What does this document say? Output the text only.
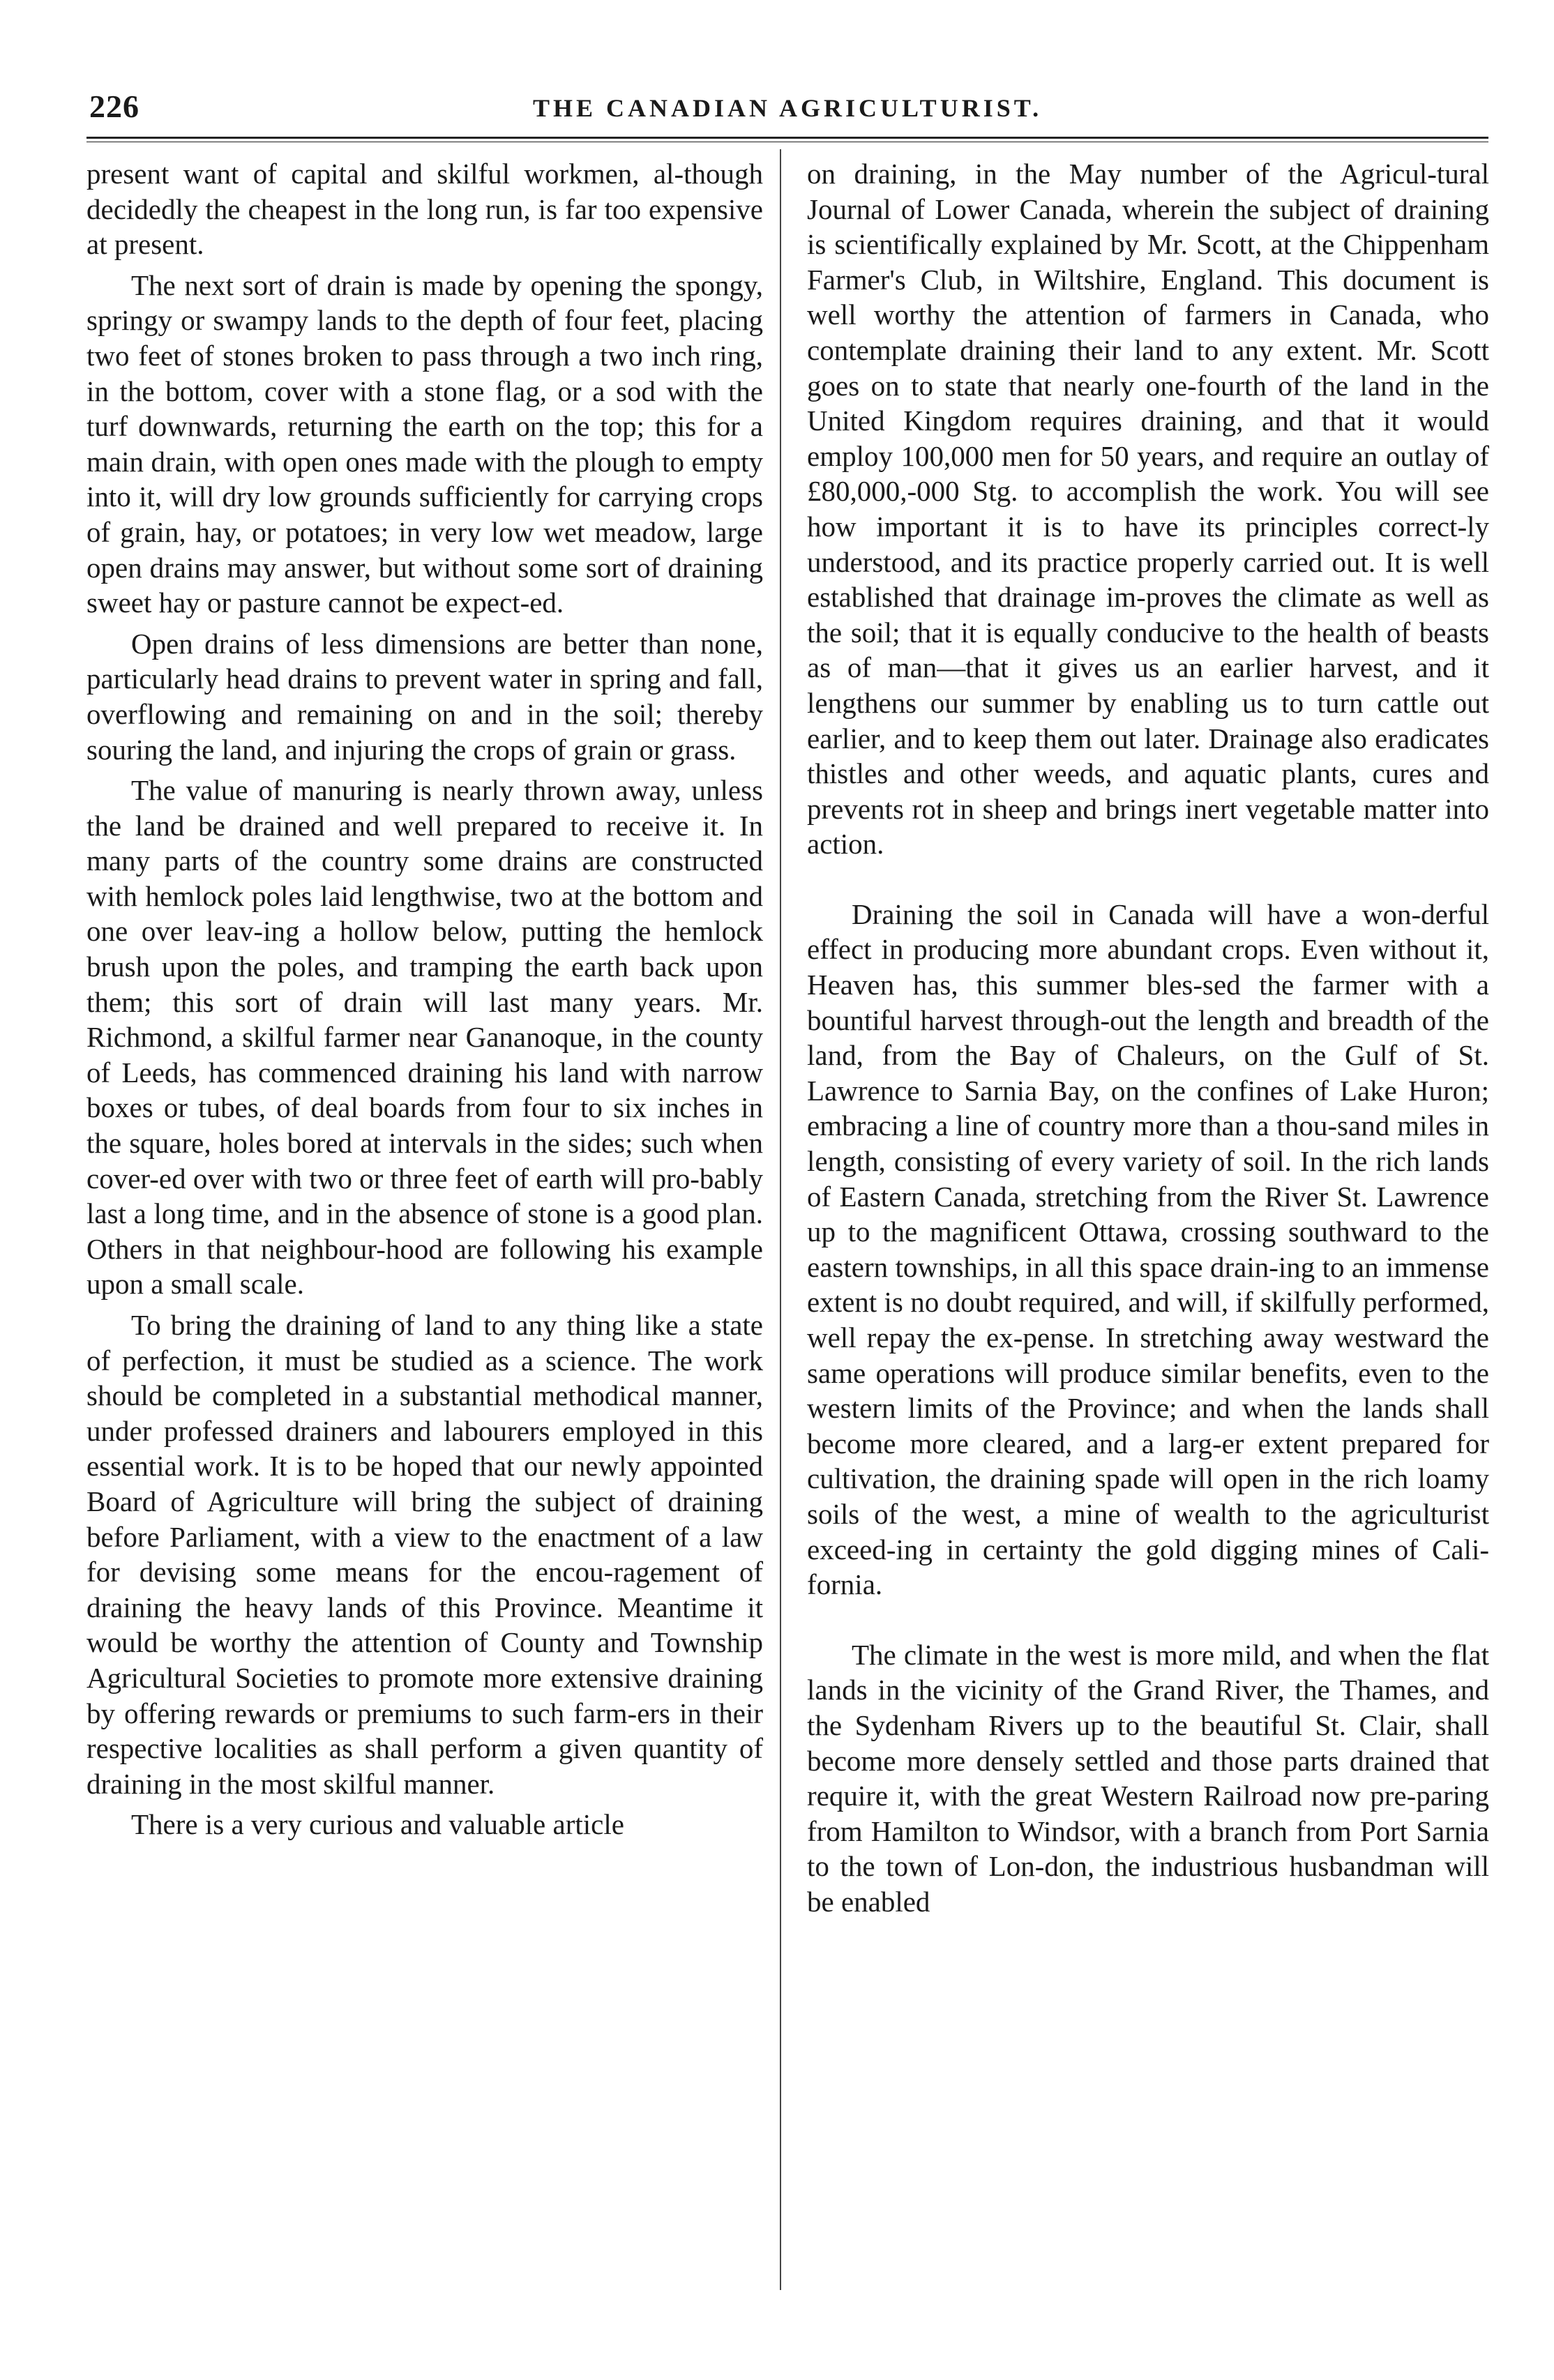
226	THE CANADIAN AGRICULTURIST.

present want of capital and skilful workmen, al-though decidedly the cheapest in the long run, is far too expensive at present.

The next sort of drain is made by opening the spongy, springy or swampy lands to the depth of four feet, placing two feet of stones broken to pass through a two inch ring, in the bottom, cover with a stone flag, or a sod with the turf downwards, returning the earth on the top; this for a main drain, with open ones made with the plough to empty into it, will dry low grounds sufficiently for carrying crops of grain, hay, or potatoes; in very low wet meadow, large open drains may answer, but without some sort of draining sweet hay or pasture cannot be expect-ed.

Open drains of less dimensions are better than none, particularly head drains to prevent water in spring and fall, overflowing and remaining on and in the soil; thereby souring the land, and injuring the crops of grain or grass.

The value of manuring is nearly thrown away, unless the land be drained and well prepared to receive it. In many parts of the country some drains are constructed with hemlock poles laid lengthwise, two at the bottom and one over leav-ing a hollow below, putting the hemlock brush upon the poles, and tramping the earth back upon them; this sort of drain will last many years. Mr. Richmond, a skilful farmer near Gananoque, in the county of Leeds, has commenced draining his land with narrow boxes or tubes, of deal boards from four to six inches in the square, holes bored at intervals in the sides; such when cover-ed over with two or three feet of earth will pro-bably last a long time, and in the absence of stone is a good plan. Others in that neighbour-hood are following his example upon a small scale.

To bring the draining of land to any thing like a state of perfection, it must be studied as a science. The work should be completed in a substantial methodical manner, under professed drainers and labourers employed in this essential work. It is to be hoped that our newly appointed Board of Agriculture will bring the subject of draining before Parliament, with a view to the enactment of a law for devising some means for the encou-ragement of draining the heavy lands of this Province. Meantime it would be worthy the attention of County and Township Agricultural Societies to promote more extensive draining by offering rewards or premiums to such farm-ers in their respective localities as shall perform a given quantity of draining in the most skilful manner.

There is a very curious and valuable article

on draining, in the May number of the Agricul-tural Journal of Lower Canada, wherein the subject of draining is scientifically explained by Mr. Scott, at the Chippenham Farmer's Club, in Wiltshire, England. This document is well worthy the attention of farmers in Canada, who contemplate draining their land to any extent. Mr. Scott goes on to state that nearly one-fourth of the land in the United Kingdom requires draining, and that it would employ 100,000 men for 50 years, and require an outlay of £80,000,-000 Stg. to accomplish the work. You will see how important it is to have its principles correct-ly understood, and its practice properly carried out. It is well established that drainage im-proves the climate as well as the soil; that it is equally conducive to the health of beasts as of man—that it gives us an earlier harvest, and it lengthens our summer by enabling us to turn cattle out earlier, and to keep them out later. Drainage also eradicates thistles and other weeds, and aquatic plants, cures and prevents rot in sheep and brings inert vegetable matter into action.

Draining the soil in Canada will have a won-derful effect in producing more abundant crops. Even without it, Heaven has, this summer bles-sed the farmer with a bountiful harvest through-out the length and breadth of the land, from the Bay of Chaleurs, on the Gulf of St. Lawrence to Sarnia Bay, on the confines of Lake Huron; embracing a line of country more than a thou-sand miles in length, consisting of every variety of soil. In the rich lands of Eastern Canada, stretching from the River St. Lawrence up to the magnificent Ottawa, crossing southward to the eastern townships, in all this space drain-ing to an immense extent is no doubt required, and will, if skilfully performed, well repay the ex-pense. In stretching away westward the same operations will produce similar benefits, even to the western limits of the Province; and when the lands shall become more cleared, and a larg-er extent prepared for cultivation, the draining spade will open in the rich loamy soils of the west, a mine of wealth to the agriculturist exceed-ing in certainty the gold digging mines of Cali-fornia.

The climate in the west is more mild, and when the flat lands in the vicinity of the Grand River, the Thames, and the Sydenham Rivers up to the beautiful St. Clair, shall become more densely settled and those parts drained that require it, with the great Western Railroad now pre-paring from Hamilton to Windsor, with a branch from Port Sarnia to the town of Lon-don, the industrious husbandman will be enabled
